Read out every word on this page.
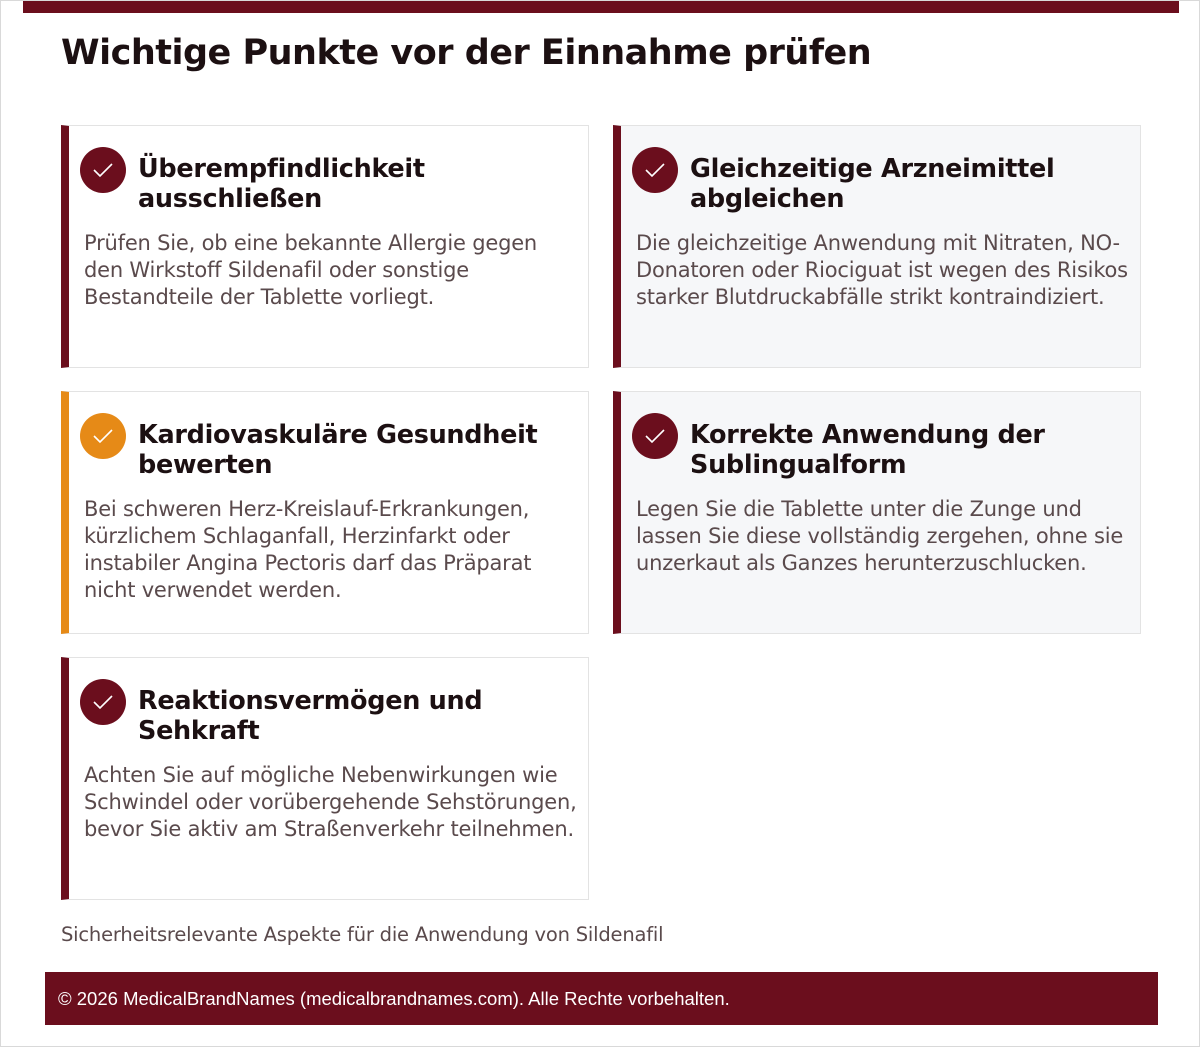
Wichtige Punkte vor der Einnahme prüfen
Überempfindlichkeit ausschließen

Prüfen Sie, ob eine bekannte Allergie gegen den Wirkstoff Sildenafil oder sonstige Bestandteile der Tablette vorliegt.

Gleichzeitige Arzneimittel abgleichen

Die gleichzeitige Anwendung mit Nitraten, NO-Donatoren oder Riociguat ist wegen des Risikos starker Blutdruckabfälle strikt kontraindiziert.

Kardiovaskuläre Gesundheit bewerten

Bei schweren Herz-Kreislauf-Erkrankungen, kürzlichem Schlaganfall, Herzinfarkt oder instabiler Angina Pectoris darf das Präparat nicht verwendet werden.

Korrekte Anwendung der Sublingualform

Legen Sie die Tablette unter die Zunge und lassen Sie diese vollständig zergehen, ohne sie unzerkaut als Ganzes herunterzuschlucken.

Reaktionsvermögen und Sehkraft

Achten Sie auf mögliche Nebenwirkungen wie Schwindel oder vorübergehende Sehstörungen, bevor Sie aktiv am Straßenverkehr teilnehmen.

Sicherheitsrelevante Aspekte für die Anwendung von Sildenafil

© 2026 MedicalBrandNames (medicalbrandnames.com). Alle Rechte vorbehalten.
